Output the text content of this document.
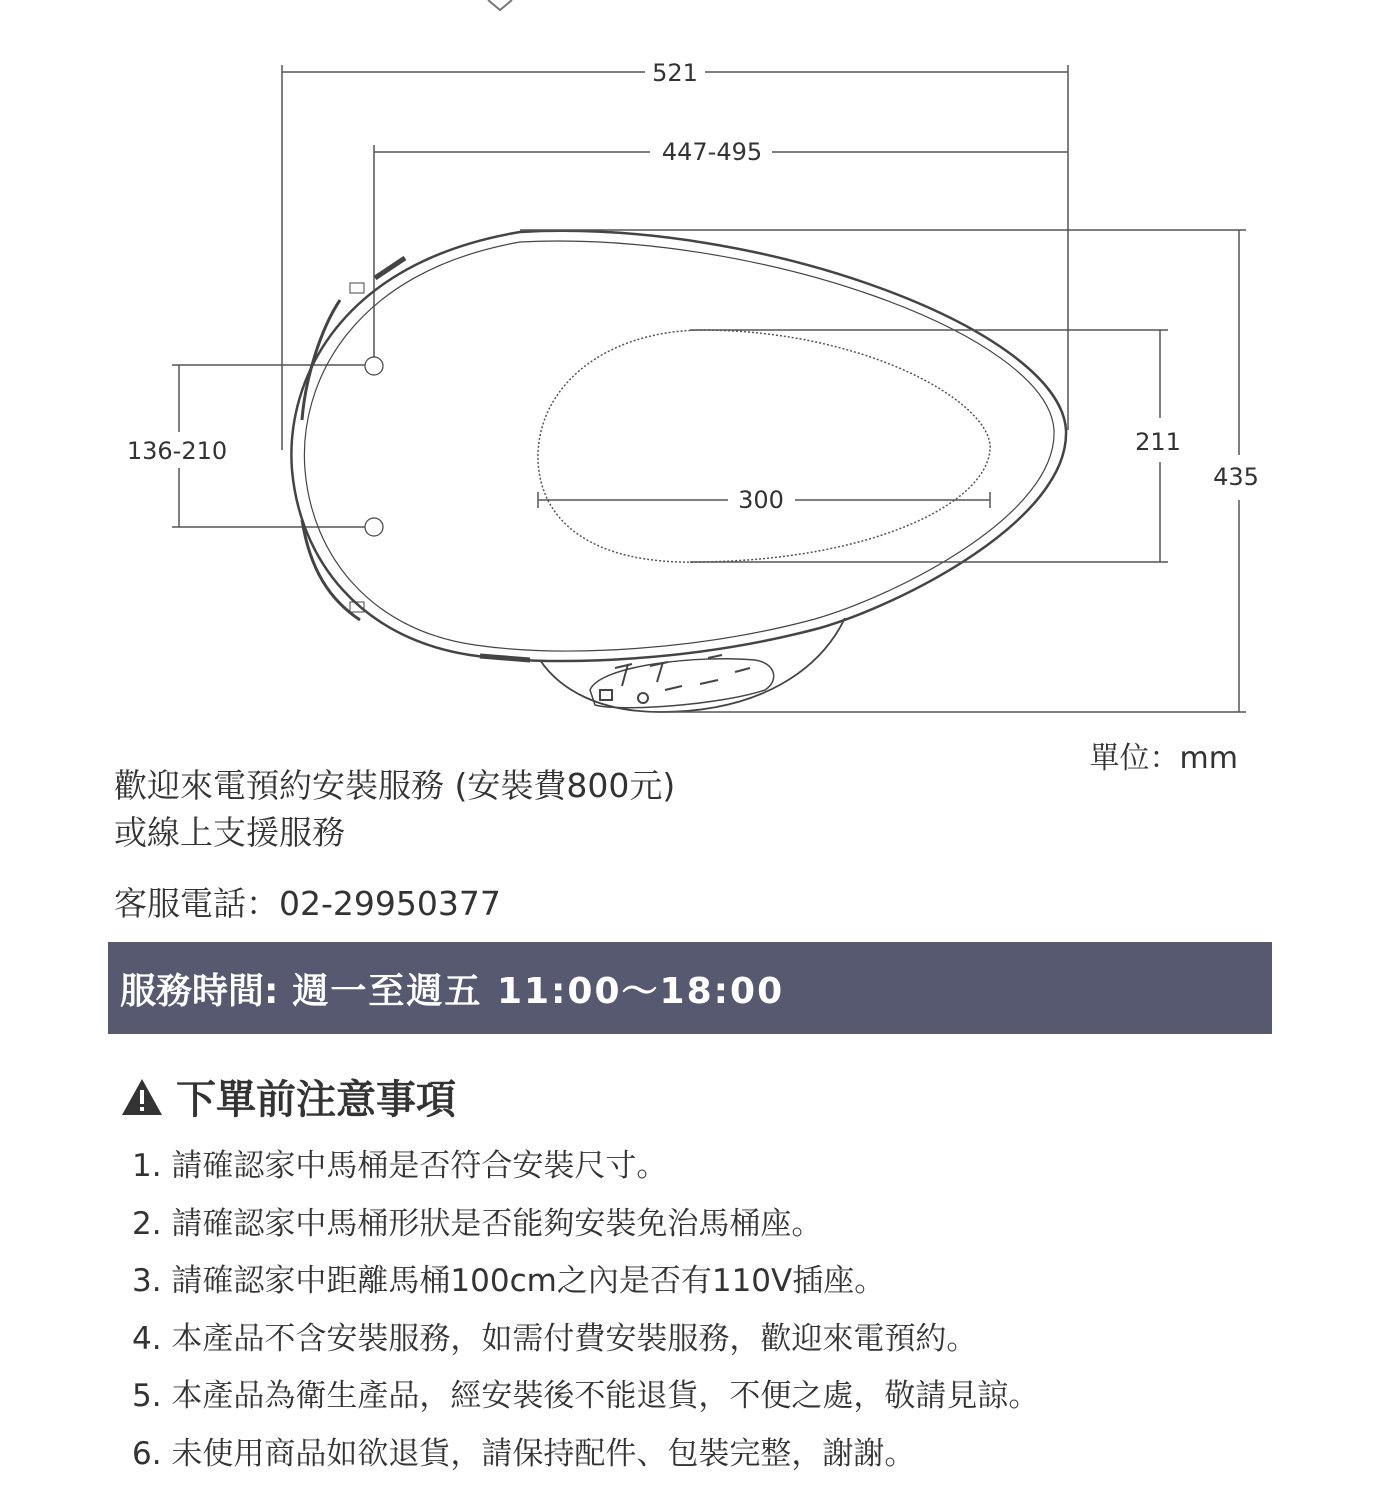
521
447-495
136-210
300
211
435
單位：mm
歡迎來電預約安裝服務 (安裝費800元)
或線上支援服務
客服電話：02-29950377
服務時間: 週一至週五 11:00～18:00
下單前注意事項
1. 請確認家中馬桶是否符合安裝尺寸。
2. 請確認家中馬桶形狀是否能夠安裝免治馬桶座。
3. 請確認家中距離馬桶100cm之內是否有110V插座。
4. 本產品不含安裝服務，如需付費安裝服務，歡迎來電預約。
5. 本產品為衛生產品，經安裝後不能退貨，不便之處，敬請見諒。
6. 未使用商品如欲退貨，請保持配件、包裝完整，謝謝。
